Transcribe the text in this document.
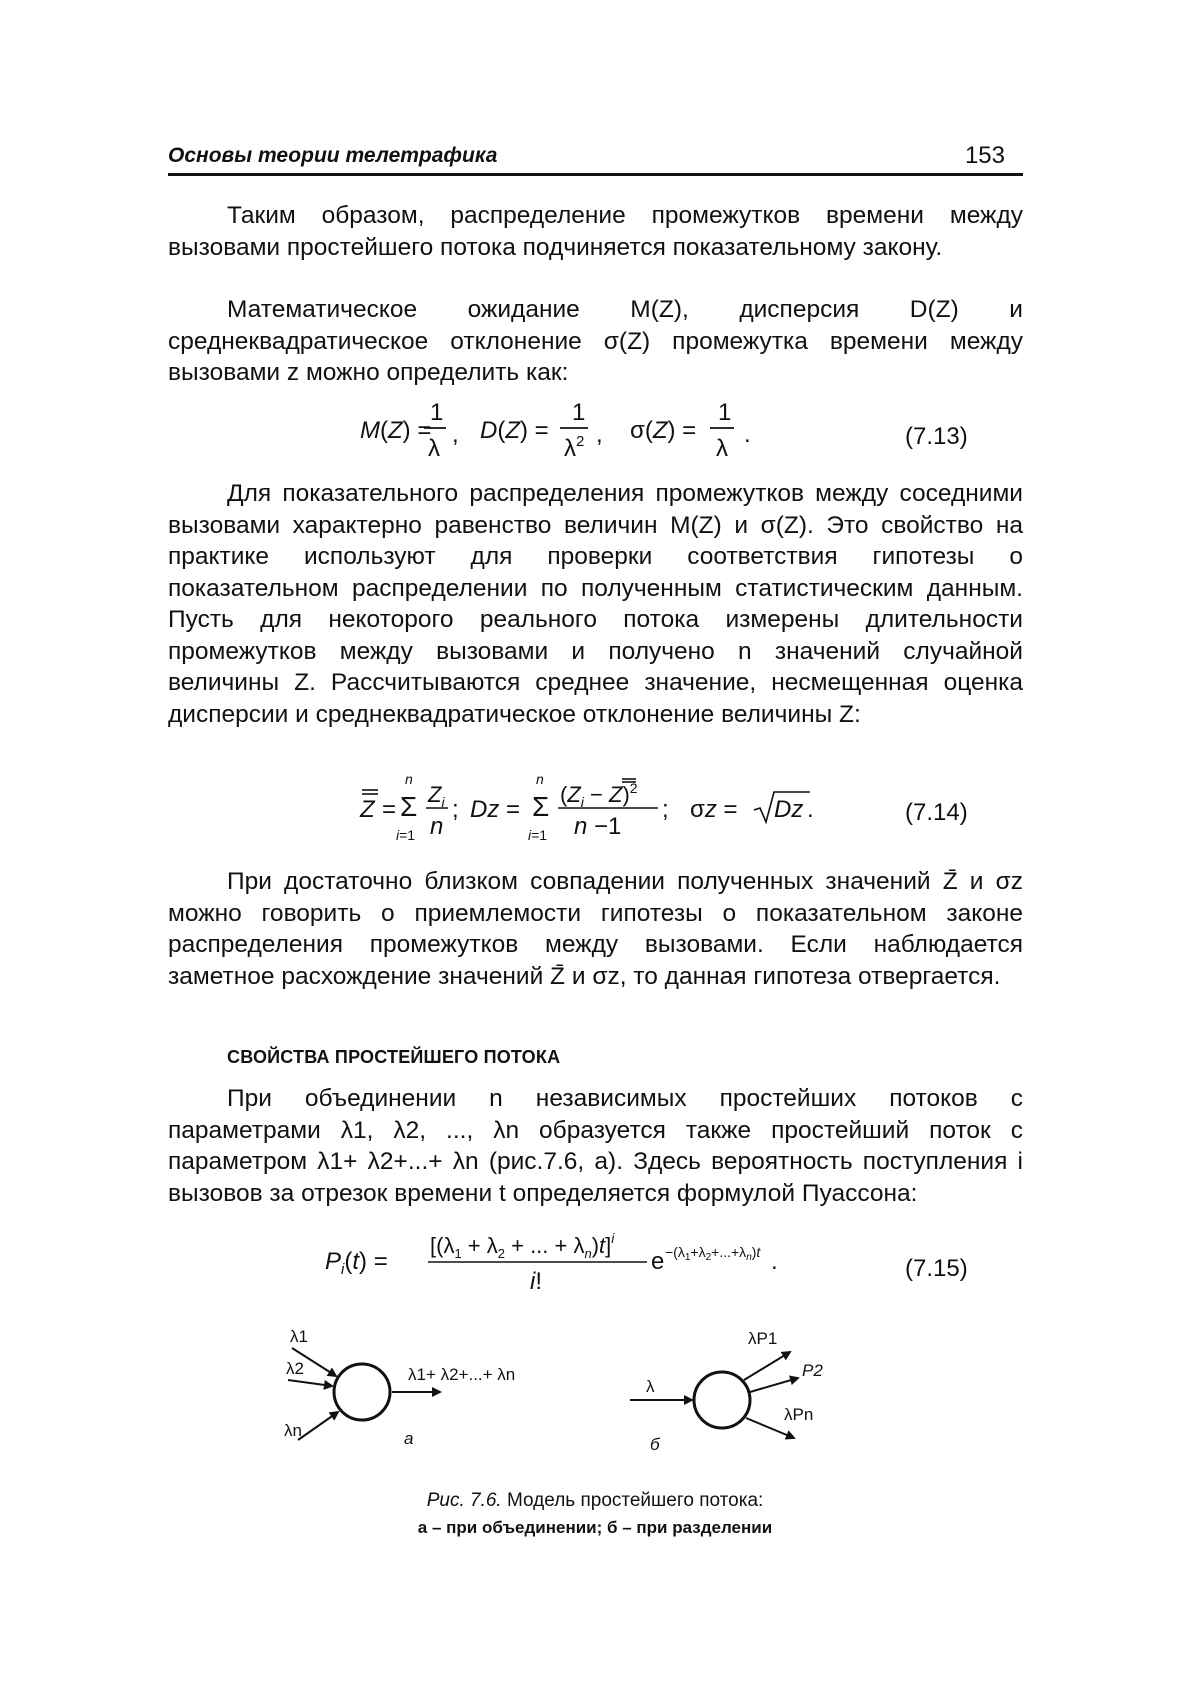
Основы теории телетрафика	153

Таким образом, распределение промежутков времени между вызовами простейшего потока подчиняется показательному закону.

Математическое ожидание M(Z), дисперсия D(Z) и среднеквадратическое отклонение σ(Z) промежутка времени между вызовами z можно определить как:

M(Z) =
1
λ
, D(Z) =
1
$\lambda^2$ , σ(Z) =
1
λ
.	(7.13)

Для показательного распределения промежутков между соседними вызовами характерно равенство величин M(Z) и σ(Z). Это свойство на практике используют для проверки соответствия гипотезы о показательном распределении по полученным статистическим данным. Пусть для некоторого реального потока измерены длительности промежутков между вызовами и получено n значений случайной величины Z. Рассчитываются среднее значение, несмещенная оценка дисперсии и среднеквадратическое отклонение величины Z:

Z =
n
Σ
i=1
$Z_i$
n
; Dz =
n
Σ
i=1
$(Z_i - Z)^2$
n −1
; σz = Dz .	(7.14)

При достаточно близком совпадении полученных значений Z̄ и σz можно говорить о приемлемости гипотезы о показательном законе распределения промежутков между вызовами. Если наблюдается заметное расхождение значений Z̄ и σz, то данная гипотеза отвергается.

СВОЙСТВА ПРОСТЕЙШЕГО ПОТОКА

При объединении n независимых простейших потоков с параметрами λ1, λ2, ..., λn образуется также простейший поток с параметром λ1+ λ2+...+ λn (рис.7.6, а). Здесь вероятность поступления i вызовов за отрезок времени t определяется формулой Пуассона:

$P_i(t)$ =
[($\lambda_1 + \lambda_2$ + ... + $\lambda_n)t]^i$
i!
$e -(\lambda_1+\lambda_2+...+\lambda_n)t$ .	(7.15)
λ1
λ2
λn
λ1+ λ2+...+ λn
а
λ
λP1
P2
λPn
б
Рис. 7.6. Модель простейшего потока:
а – при объединении; б – при разделении
